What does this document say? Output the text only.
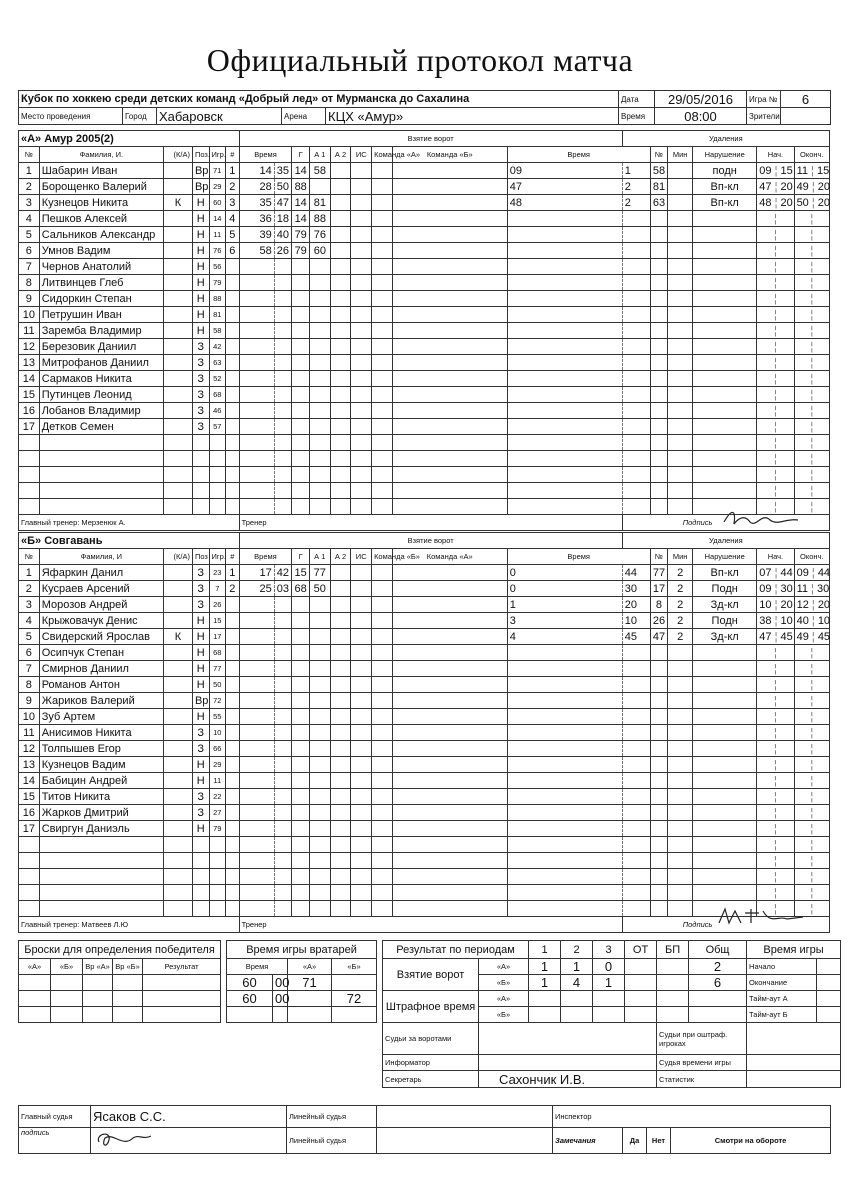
Официальный протокол матча
Кубок по хоккею среди детских команд «Добрый лед» от Мурманска до Сахалина					Дата	29/05/2016	Игра №	6
Место проведения	Город	Хабаровск	Арена	КЦХ «Амур»	Время	08:00	Зрители	
«А» Амур 2005(2)						Взятие ворот									Удаления					
№	Фамилия, И.	(К/А)	Поз.	Игр.	#	Время		Г	А 1	А 2	ИС	Команда «А»	Команда «Б»	Время		№	Мин	Нарушение	Нач.	Оконч.
1	Шабарин Иван		Вр	71	1	14	35	14	58					09	1	58		подн	09 ¦ 15	11 ¦ 15
2	Борощенко Валерий		Вр	29	2	28	50	88						47	2	81		Вп-кл	47 ¦ 20	49 ¦ 20
3	Кузнецов Никита	К	Н	60	3	35	47	14	81					48	2	63		Вп-кл	48 ¦ 20	50 ¦ 20
4	Пешков Алексей		Н	14	4	36	18	14	88										¦	¦
5	Сальников Александр		Н	11	5	39	40	79	76										¦	¦
6	Умнов Вадим		Н	76	6	58	26	79	60										¦	¦
7	Чернов Анатолий		Н	56															¦	¦
8	Литвинцев Глеб		Н	79															¦	¦
9	Сидоркин Степан		Н	88															¦	¦
10	Петрушин Иван		Н	81															¦	¦
11	Заремба Владимир		Н	58															¦	¦
12	Березовик Даниил		З	42															¦	¦
13	Митрофанов Даниил		З	63															¦	¦
14	Сармаков Никита		З	52															¦	¦
15	Путинцев Леонид		З	68															¦	¦
16	Лобанов Владимир		З	46															¦	¦
17	Детков Семен		З	57															¦	¦
																			¦	¦
																			¦	¦
																			¦	¦
																			¦	¦
																			¦	¦
Главный тренер: Мерзенюк А.						Тренер									Подпись					
«Б» Совгавань						Взятие ворот									Удаления					
№	Фамилия, И	(К/А)	Поз	Игр.	#	Время		Г	А 1	А 2	ИС	Команда «Б»	Команда «А»	Время		№	Мин	Нарушение	Нач.	Оконч.
1	Яфаркин Данил		З	23	1	17	42	15	77					0	44	77	2	Вп-кл	07 ¦ 44	09 ¦ 44
2	Кусраев Арсений		З	7	2	25	03	68	50					0	30	17	2	Подн	09 ¦ 30	11 ¦ 30
3	Морозов Андрей		З	26										1	20	8	2	Зд-кл	10 ¦ 20	12 ¦ 20
4	Крыжовачук Денис		Н	15										3	10	26	2	Подн	38 ¦ 10	40 ¦ 10
5	Свидерский Ярослав	К	Н	17										4	45	47	2	Зд-кл	47 ¦ 45	49 ¦ 45
6	Осипчук Степан		Н	68															¦	¦
7	Смирнов Даниил		Н	77															¦	¦
8	Романов Антон		Н	50															¦	¦
9	Жариков Валерий		Вр	72															¦	¦
10	Зуб Артем		Н	55															¦	¦
11	Анисимов Никита		З	10															¦	¦
12	Толпышев Егор		З	66															¦	¦
13	Кузнецов Вадим		Н	29															¦	¦
14	Бабицин Андрей		Н	11															¦	¦
15	Титов Никита		З	22															¦	¦
16	Жарков Дмитрий		З	27															¦	¦
17	Свиргун Даниэль		Н	79															¦	¦
																			¦	¦
																			¦	¦
																			¦	¦
																			¦	¦
																			¦	¦
Главный тренер: Матвеев Л.Ю						Тренер									Подпись					
Броски для определения победителя						Время игры вратарей					Результат по периодам		1	2	3	ОТ	БП	Общ	Время игры	
«А»	«Б»	Вр «А»	Вр «Б»	Результат		Время		«А»	«Б»		Взятие ворот	«А»	1	1	0			2	Начало	
						60	00	71				«Б»	1	4	1			6	Окончание	
						60	00		72		Штрафное время	«А»							Тайм-аут А	
												«Б»							Тайм-аут Б	
											Судьи за воротами						Судьи при оштраф. игроках			
											Информатор						Судья времени игры			
											Секретарь	Сахончик И.В.					Статистик			
Главный судья	Ясаков С.С.	Линейный судья		Инспектор			
подпись		Линейный судья		Замечания	Да	Нет	Смотри на обороте
